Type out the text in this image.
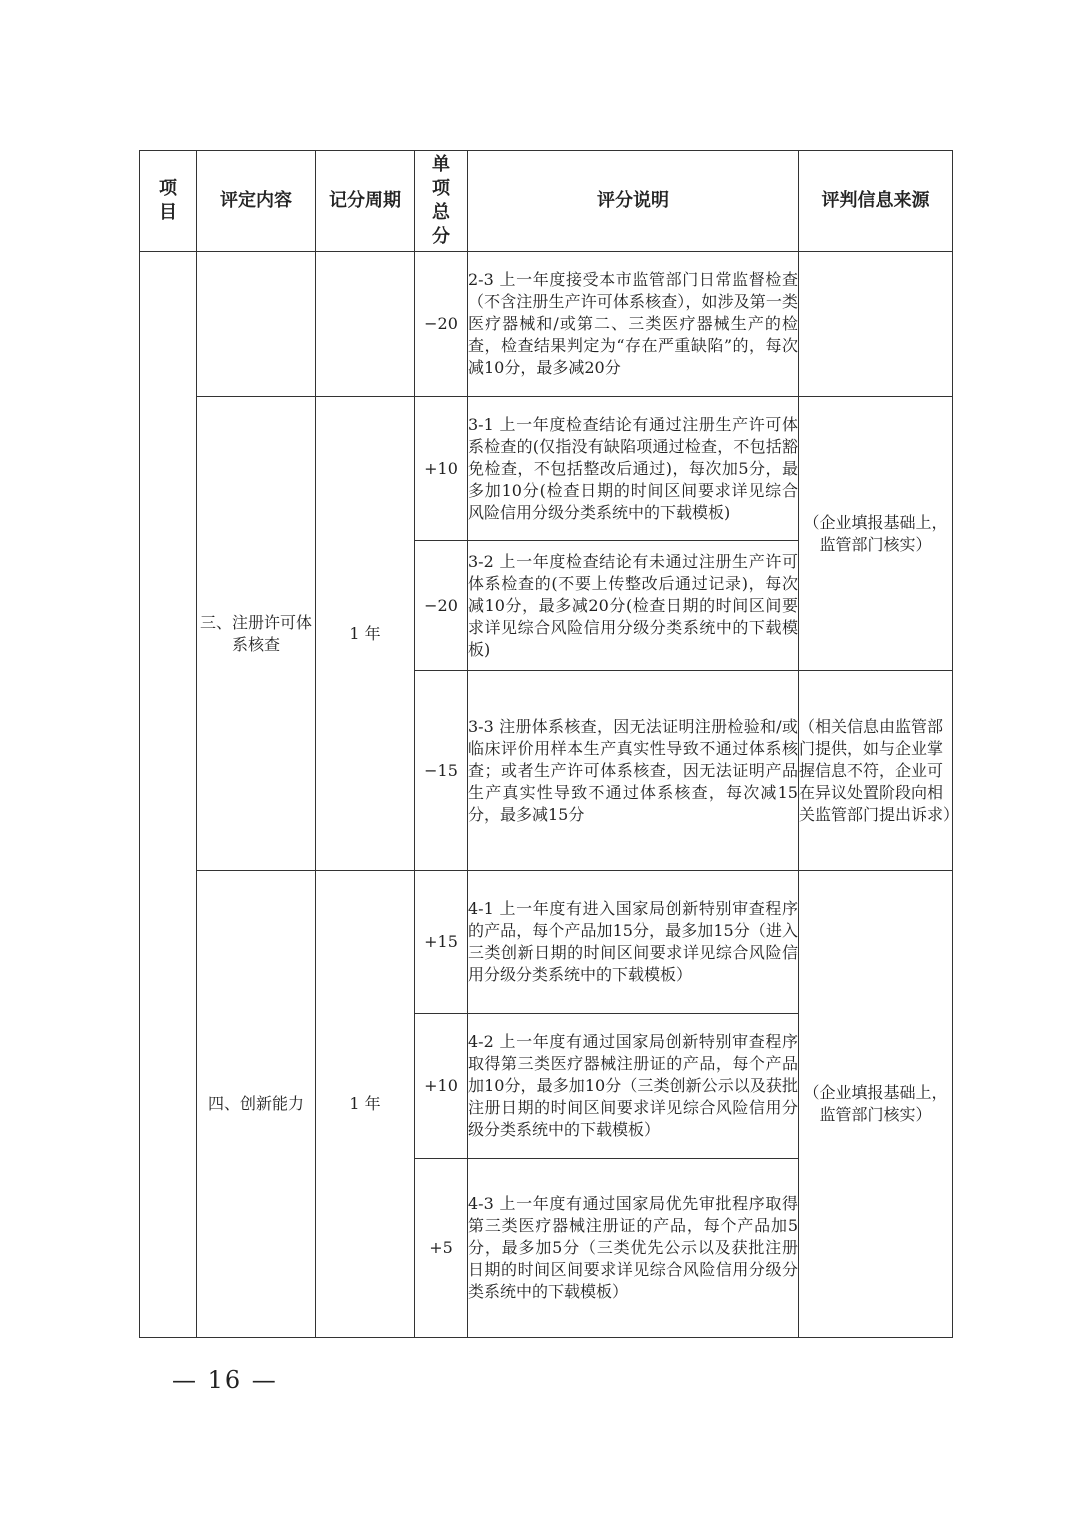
项目	评定内容	记分周期	单项总分	评分说明	评判信息来源
			−20	2-3 上一年度接受本市监管部门日常监督检查（不含注册生产许可体系核查），如涉及第一类医疗器械和/或第二、三类医疗器械生产的检查，检查结果判定为“存在严重缺陷”的，每次减10分，最多减20分	
	三、注册许可体系核查	1 年	+10	3-1 上一年度检查结论有通过注册生产许可体系检查的(仅指没有缺陷项通过检查，不包括豁免检查，不包括整改后通过)，每次加5分，最多加10分(检查日期的时间区间要求详见综合风险信用分级分类系统中的下载模板)	（企业填报基础上，监管部门核实）
			−20	3-2 上一年度检查结论有未通过注册生产许可体系检查的(不要上传整改后通过记录)，每次减10分，最多减20分(检查日期的时间区间要求详见综合风险信用分级分类系统中的下载模板)	
			−15	3-3 注册体系核查，因无法证明注册检验和/或临床评价用样本生产真实性导致不通过体系核查；或者生产许可体系核查，因无法证明产品生产真实性导致不通过体系核查，每次减15分，最多减15分	（相关信息由监管部门提供，如与企业掌握信息不符，企业可在异议处置阶段向相关监管部门提出诉求）
	四、创新能力	1 年	+15	4-1 上一年度有进入国家局创新特别审查程序的产品，每个产品加15分，最多加15分（进入三类创新日期的时间区间要求详见综合风险信用分级分类系统中的下载模板）	（企业填报基础上，监管部门核实）
			+10	4-2 上一年度有通过国家局创新特别审查程序取得第三类医疗器械注册证的产品，每个产品加10分，最多加10分（三类创新公示以及获批注册日期的时间区间要求详见综合风险信用分级分类系统中的下载模板）	
			+5	4-3 上一年度有通过国家局优先审批程序取得第三类医疗器械注册证的产品，每个产品加5分，最多加5分（三类优先公示以及获批注册日期的时间区间要求详见综合风险信用分级分类系统中的下载模板）	
— 16 —
